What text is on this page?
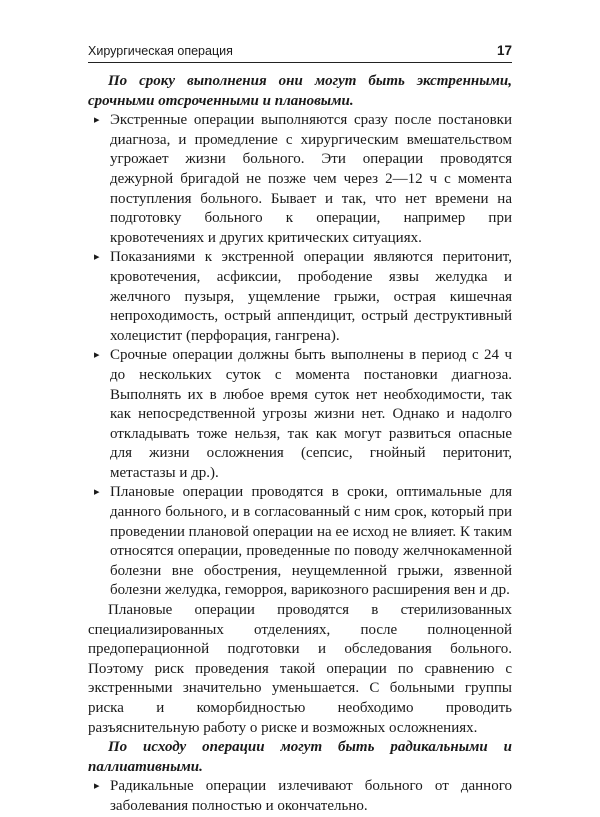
Хирургическая операция	17

По сроку выполнения они могут быть экстренными, срочными отсроченными и плановыми.

▸ Экстренные операции выполняются сразу после постановки диагноза, и промедление с хирургическим вмешательством угрожает жизни больного. Эти операции проводятся дежурной бригадой не позже чем через 2—12 ч с момента поступления больного. Бывает и так, что нет времени на подготовку больного к операции, например при кровотечениях и других критических ситуациях.
▸ Показаниями к экстренной операции являются перитонит, кровотечения, асфиксии, прободение язвы желудка и желчного пузыря, ущемление грыжи, острая кишечная непроходимость, острый аппендицит, острый деструктивный холецистит (перфорация, гангрена).
▸ Срочные операции должны быть выполнены в период с 24 ч до нескольких суток с момента постановки диагноза. Выполнять их в любое время суток нет необходимости, так как непосредственной угрозы жизни нет. Однако и надолго откладывать тоже нельзя, так как могут развиться опасные для жизни осложнения (сепсис, гнойный перитонит, метастазы и др.).
▸ Плановые операции проводятся в сроки, оптимальные для данного больного, и в согласованный с ним срок, который при проведении плановой операции на ее исход не влияет. К таким относятся операции, проведенные по поводу желчнокаменной болезни вне обострения, неущемленной грыжи, язвенной болезни желудка, геморроя, варикозного расширения вен и др.

Плановые операции проводятся в стерилизованных специализированных отделениях, после полноценной предоперационной подготовки и обследования больного. Поэтому риск проведения такой операции по сравнению с экстренными значительно уменьшается. С больными группы риска и коморбидностью необходимо проводить разъяснительную работу о риске и возможных осложнениях.

По исходу операции могут быть радикальными и паллиативными.

▸ Радикальные операции излечивают больного от данного заболевания полностью и окончательно.
